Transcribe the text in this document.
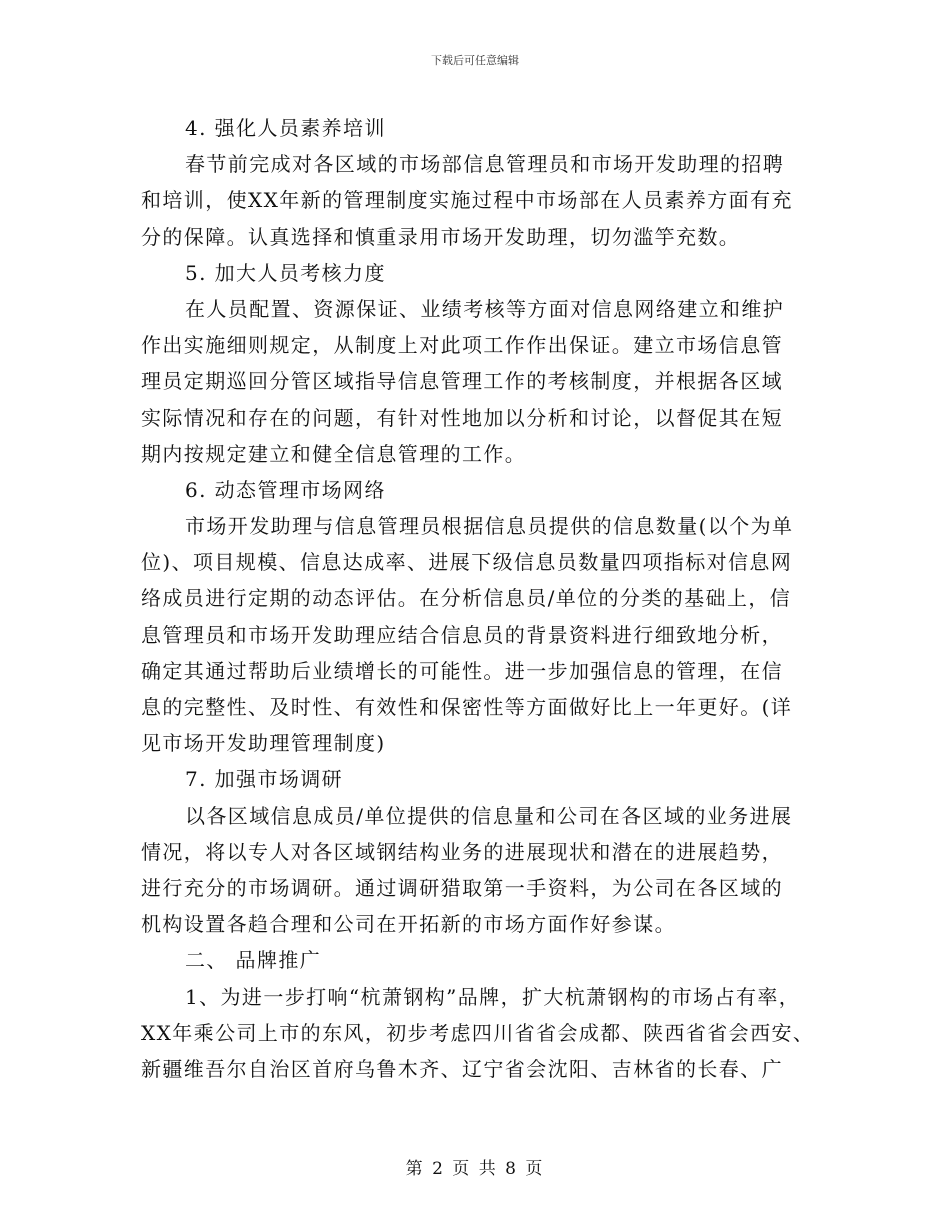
下载后可任意编辑
4. 强化人员素养培训
春节前完成对各区域的市场部信息管理员和市场开发助理的招聘
和培训，使XX年新的管理制度实施过程中市场部在人员素养方面有充
分的保障。认真选择和慎重录用市场开发助理，切勿滥竽充数。
5. 加大人员考核力度
在人员配置、资源保证、业绩考核等方面对信息网络建立和维护
作出实施细则规定，从制度上对此项工作作出保证。建立市场信息管
理员定期巡回分管区域指导信息管理工作的考核制度，并根据各区域
实际情况和存在的问题，有针对性地加以分析和讨论，以督促其在短
期内按规定建立和健全信息管理的工作。
6. 动态管理市场网络
市场开发助理与信息管理员根据信息员提供的信息数量(以个为单
位)、项目规模、信息达成率、进展下级信息员数量四项指标对信息网
络成员进行定期的动态评估。在分析信息员/单位的分类的基础上，信
息管理员和市场开发助理应结合信息员的背景资料进行细致地分析，
确定其通过帮助后业绩增长的可能性。进一步加强信息的管理，在信
息的完整性、及时性、有效性和保密性等方面做好比上一年更好。(详
见市场开发助理管理制度)
7. 加强市场调研
以各区域信息成员/单位提供的信息量和公司在各区域的业务进展
情况，将以专人对各区域钢结构业务的进展现状和潜在的进展趋势，
进行充分的市场调研。通过调研猎取第一手资料，为公司在各区域的
机构设置各趋合理和公司在开拓新的市场方面作好参谋。
二、 品牌推广
1、为进一步打响“杭萧钢构”品牌，扩大杭萧钢构的市场占有率，
XX年乘公司上市的东风，初步考虑四川省省会成都、陕西省省会西安、
新疆维吾尔自治区首府乌鲁木齐、辽宁省会沈阳、吉林省的长春、广
第 2 页 共 8 页
